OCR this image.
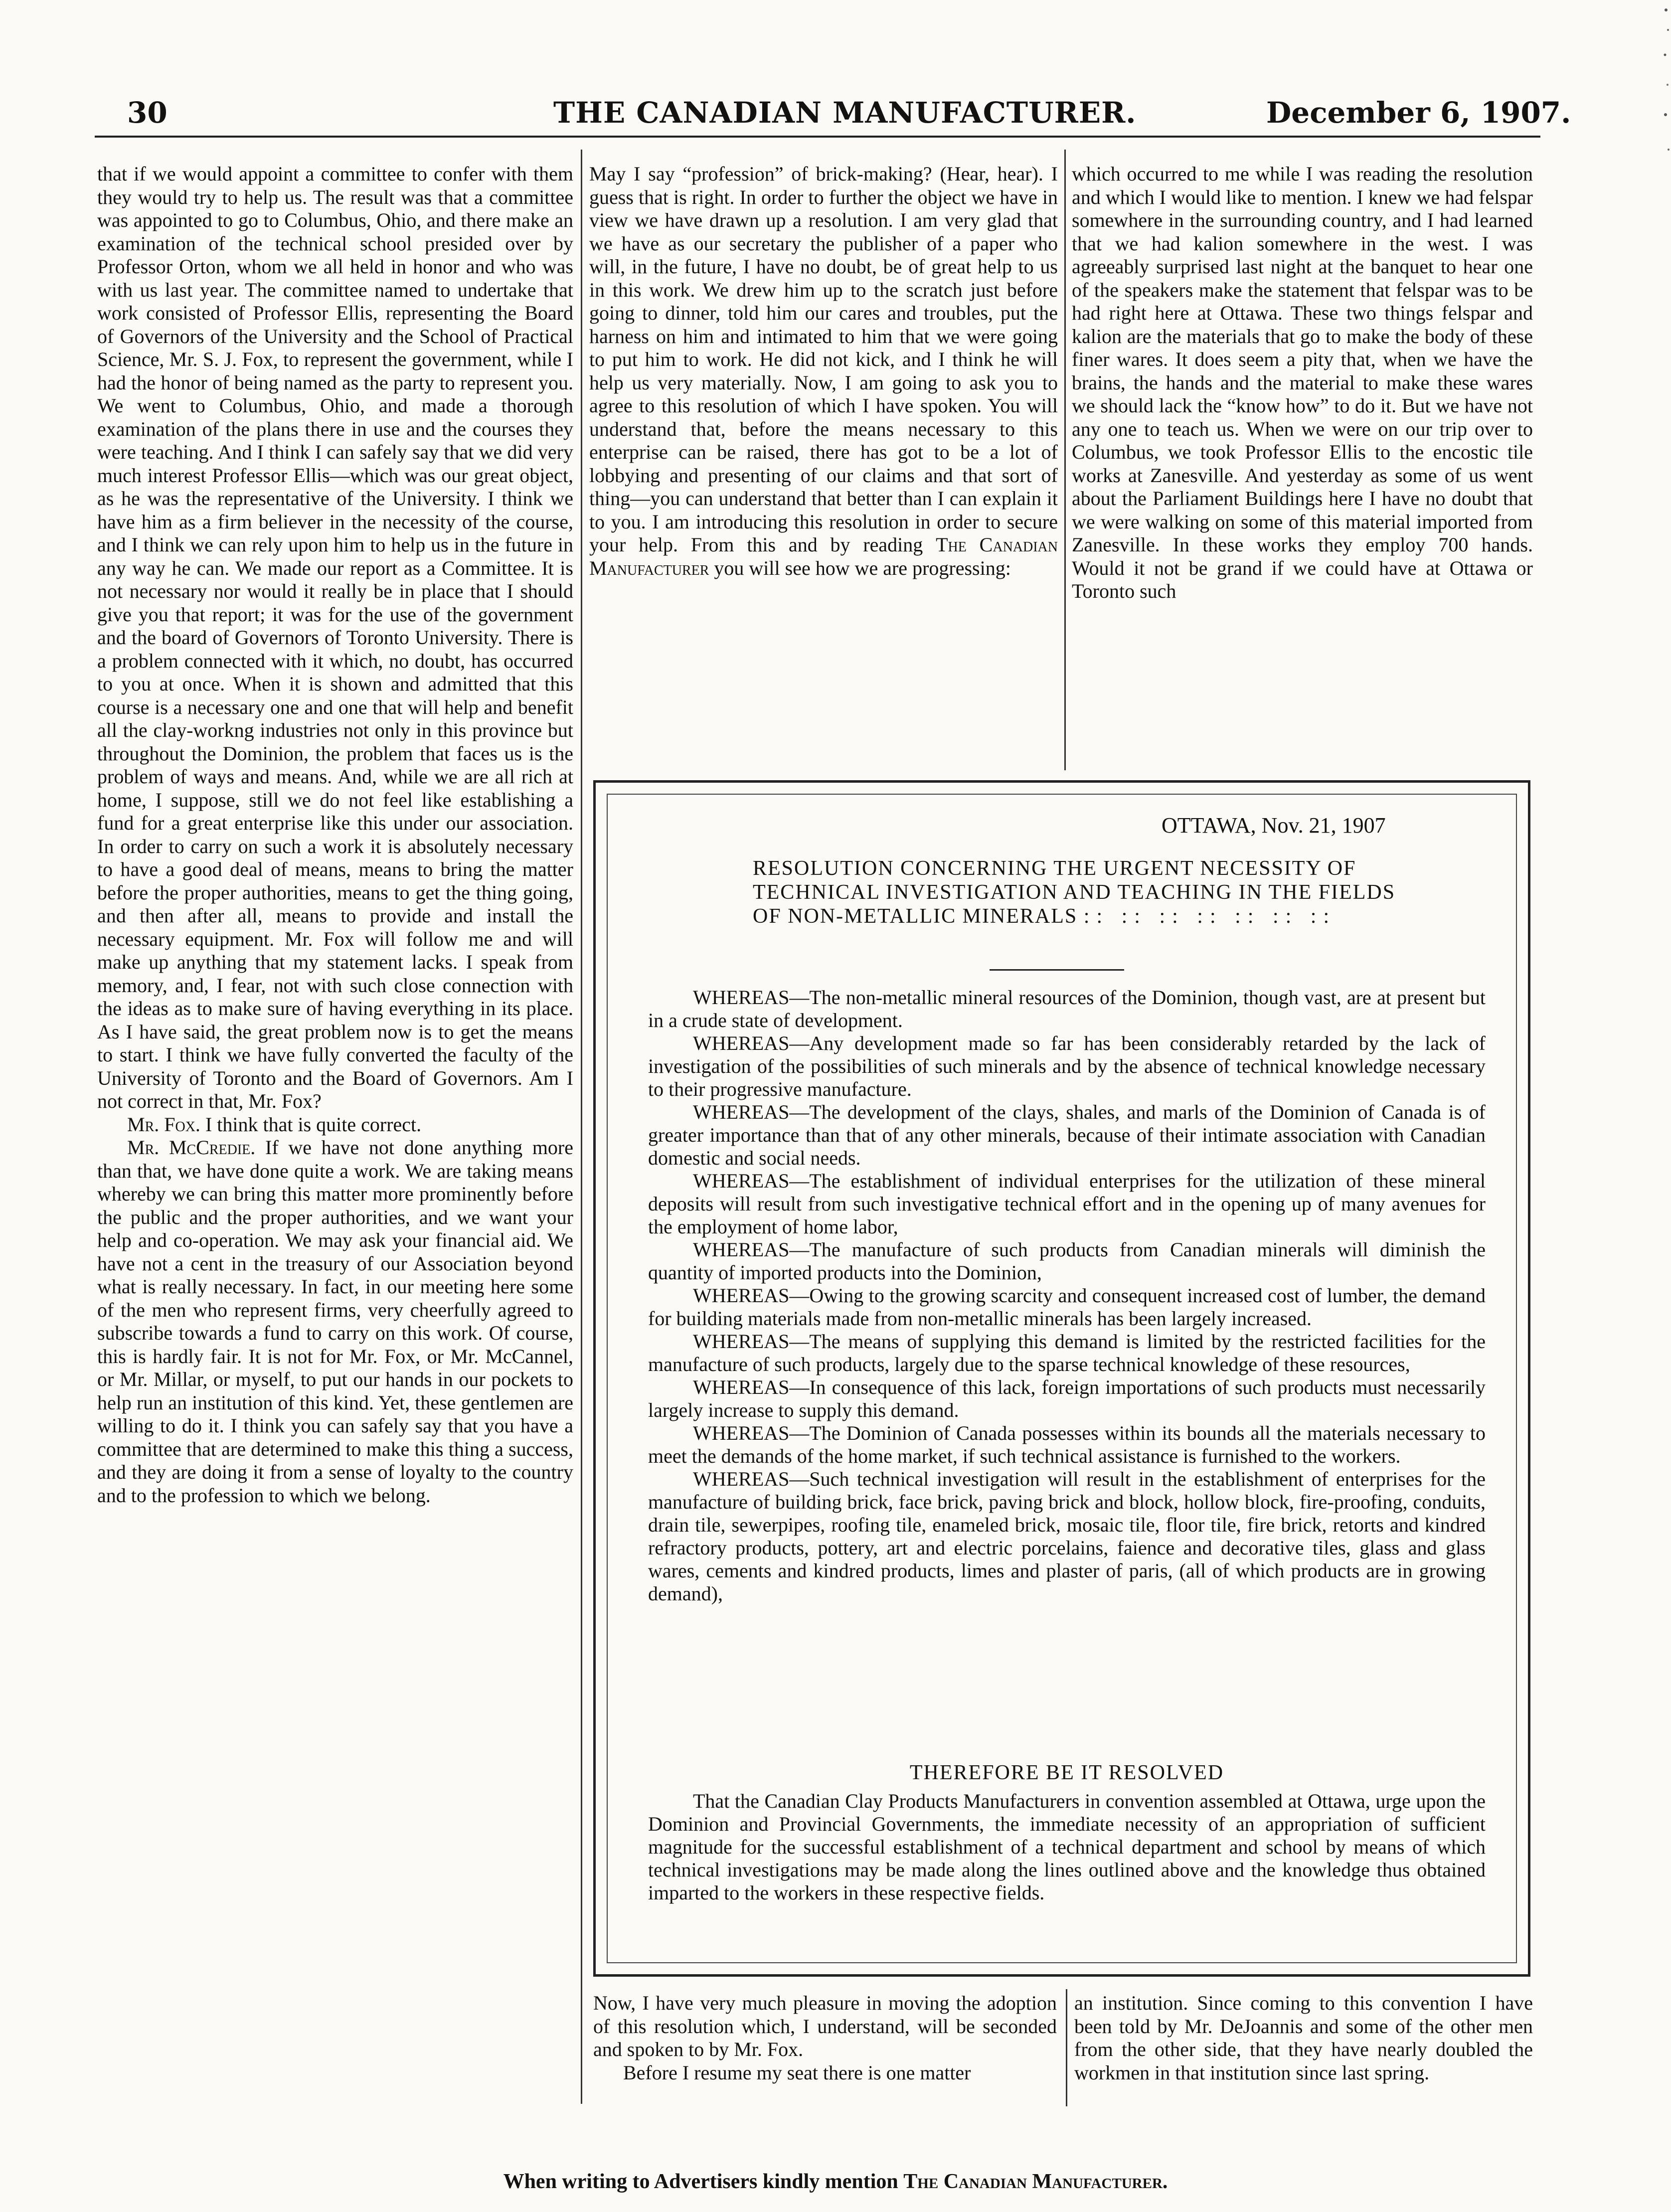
30	THE CANADIAN MANUFACTURER.	December 6, 1907.

that if we would appoint a committee to confer with them they would try to help us. The result was that a committee was appointed to go to Columbus, Ohio, and there make an examination of the technical school presided over by Professor Orton, whom we all held in honor and who was with us last year. The committee named to undertake that work consisted of Professor Ellis, representing the Board of Governors of the University and the School of Practical Science, Mr. S. J. Fox, to represent the government, while I had the honor of being named as the party to represent you. We went to Columbus, Ohio, and made a thorough examination of the plans there in use and the courses they were teaching. And I think I can safely say that we did very much interest Professor Ellis—which was our great object, as he was the representative of the University. I think we have him as a firm believer in the necessity of the course, and I think we can rely upon him to help us in the future in any way he can. We made our report as a Committee. It is not necessary nor would it really be in place that I should give you that report; it was for the use of the government and the board of Governors of Toronto University. There is a problem connected with it which, no doubt, has occurred to you at once. When it is shown and admitted that this course is a necessary one and one that will help and benefit all the clay-workng industries not only in this province but throughout the Dominion, the problem that faces us is the problem of ways and means. And, while we are all rich at home, I suppose, still we do not feel like establishing a fund for a great enterprise like this under our association. In order to carry on such a work it is absolutely necessary to have a good deal of means, means to bring the matter before the proper authorities, means to get the thing going, and then after all, means to provide and install the necessary equipment. Mr. Fox will follow me and will make up anything that my statement lacks. I speak from memory, and, I fear, not with such close connection with the ideas as to make sure of having everything in its place. As I have said, the great problem now is to get the means to start. I think we have fully converted the faculty of the University of Toronto and the Board of Governors. Am I not correct in that, Mr. Fox?

Mr. Fox. I think that is quite correct.

Mr. McCredie. If we have not done anything more than that, we have done quite a work. We are taking means whereby we can bring this matter more prominently before the public and the proper authorities, and we want your help and co-operation. We may ask your financial aid. We have not a cent in the treasury of our Association beyond what is really necessary. In fact, in our meeting here some of the men who represent firms, very cheerfully agreed to subscribe towards a fund to carry on this work. Of course, this is hardly fair. It is not for Mr. Fox, or Mr. McCannel, or Mr. Millar, or myself, to put our hands in our pockets to help run an institution of this kind. Yet, these gentlemen are willing to do it. I think you can safely say that you have a committee that are determined to make this thing a success, and they are doing it from a sense of loyalty to the country and to the profession to which we belong.

May I say “profession” of brick-making? (Hear, hear). I guess that is right. In order to further the object we have in view we have drawn up a resolution. I am very glad that we have as our secretary the publisher of a paper who will, in the future, I have no doubt, be of great help to us in this work. We drew him up to the scratch just before going to dinner, told him our cares and troubles, put the harness on him and intimated to him that we were going to put him to work. He did not kick, and I think he will help us very materially. Now, I am going to ask you to agree to this resolution of which I have spoken. You will understand that, before the means necessary to this enterprise can be raised, there has got to be a lot of lobbying and presenting of our claims and that sort of thing—you can understand that better than I can explain it to you. I am introducing this resolution in order to secure your help. From this and by reading The Canadian Manufacturer you will see how we are progressing:

which occurred to me while I was reading the resolution and which I would like to mention. I knew we had felspar somewhere in the surrounding country, and I had learned that we had kalion somewhere in the west. I was agreeably surprised last night at the banquet to hear one of the speakers make the statement that felspar was to be had right here at Ottawa. These two things felspar and kalion are the materials that go to make the body of these finer wares. It does seem a pity that, when we have the brains, the hands and the material to make these wares we should lack the “know how” to do it. But we have not any one to teach us. When we were on our trip over to Columbus, we took Professor Ellis to the encostic tile works at Zanesville. And yesterday as some of us went about the Parliament Buildings here I have no doubt that we were walking on some of this material imported from Zanesville. In these works they employ 700 hands. Would it not be grand if we could have at Ottawa or Toronto such

OTTAWA, Nov. 21, 1907
RESOLUTION CONCERNING THE URGENT NECESSITY OF TECHNICAL INVESTIGATION AND TEACHING IN THE FIELDS OF NON-METALLIC MINERALS :: :: :: :: :: :: ::

WHEREAS—The non-metallic mineral resources of the Dominion, though vast, are at present but in a crude state of development.

WHEREAS—Any development made so far has been considerably retarded by the lack of investigation of the possibilities of such minerals and by the absence of technical knowledge necessary to their progressive manufacture.

WHEREAS—The development of the clays, shales, and marls of the Dominion of Canada is of greater importance than that of any other minerals, because of their intimate association with Canadian domestic and social needs.

WHEREAS—The establishment of individual enterprises for the utilization of these mineral deposits will result from such investigative technical effort and in the opening up of many avenues for the employment of home labor,

WHEREAS—The manufacture of such products from Canadian minerals will diminish the quantity of imported products into the Dominion,

WHEREAS—Owing to the growing scarcity and consequent increased cost of lumber, the demand for building materials made from non-metallic minerals has been largely increased.

WHEREAS—The means of supplying this demand is limited by the restricted facilities for the manufacture of such products, largely due to the sparse technical knowledge of these resources,

WHEREAS—In consequence of this lack, foreign importations of such products must necessarily largely increase to supply this demand.

WHEREAS—The Dominion of Canada possesses within its bounds all the materials necessary to meet the demands of the home market, if such technical assistance is furnished to the workers.

WHEREAS—Such technical investigation will result in the establishment of enterprises for the manufacture of building brick, face brick, paving brick and block, hollow block, fire-proofing, conduits, drain tile, sewerpipes, roofing tile, enameled brick, mosaic tile, floor tile, fire brick, retorts and kindred refractory products, pottery, art and electric porcelains, faience and decorative tiles, glass and glass wares, cements and kindred products, limes and plaster of paris, (all of which products are in growing demand),

THEREFORE BE IT RESOLVED

That the Canadian Clay Products Manufacturers in convention assembled at Ottawa, urge upon the Dominion and Provincial Governments, the immediate necessity of an appropriation of sufficient magnitude for the successful establishment of a technical department and school by means of which technical investigations may be made along the lines outlined above and the knowledge thus obtained imparted to the workers in these respective fields.

Now, I have very much pleasure in moving the adoption of this resolution which, I understand, will be seconded and spoken to by Mr. Fox.

Before I resume my seat there is one matter

an institution. Since coming to this convention I have been told by Mr. DeJoannis and some of the other men from the other side, that they have nearly doubled the workmen in that institution since last spring.

When writing to Advertisers kindly mention The Canadian Manufacturer.
